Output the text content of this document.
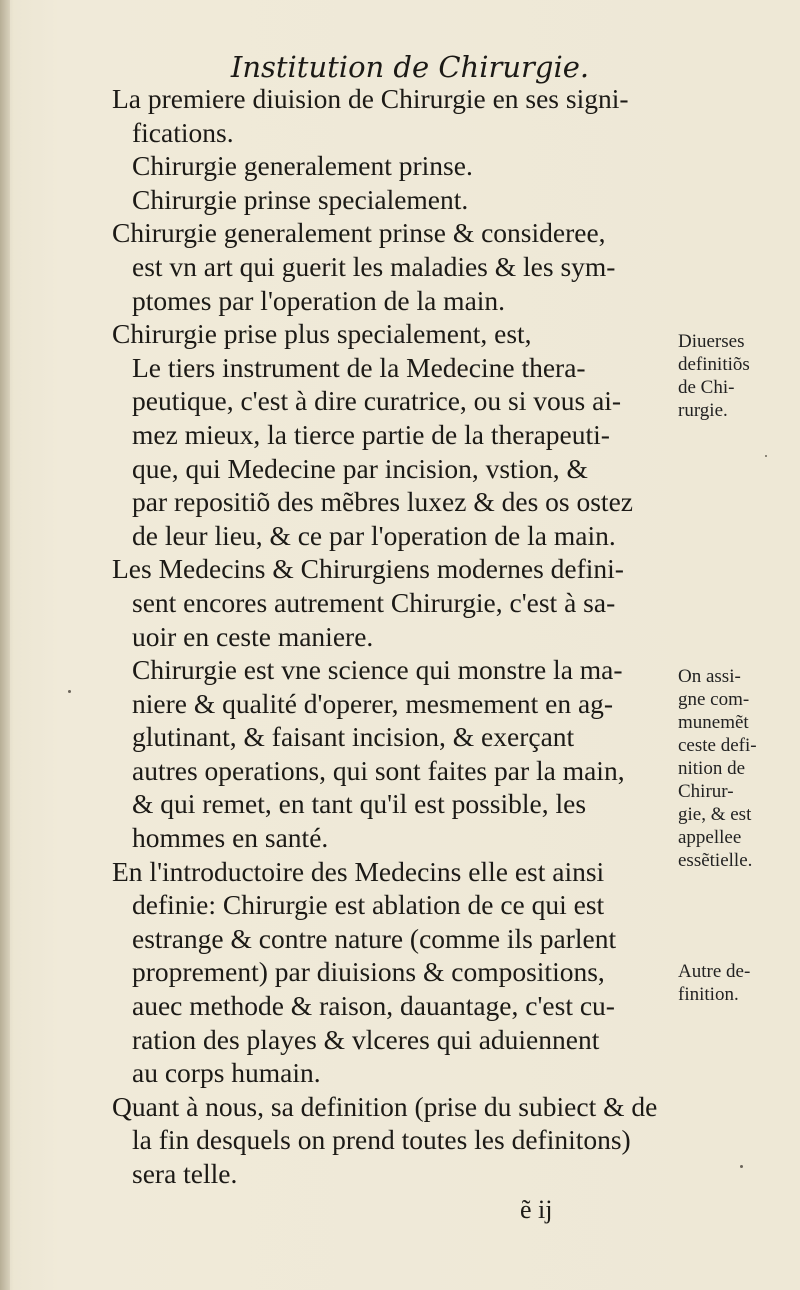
Institution de Chirurgie.
La premiere diuision de Chirurgie en ses signi-
fications.
Chirurgie generalement prinse.
Chirurgie prinse specialement.
Chirurgie generalement prinse & consideree,
est vn art qui guerit les maladies & les sym-
ptomes par l'operation de la main.
Chirurgie prise plus specialement, est,
Le tiers instrument de la Medecine thera-
peutique, c'est à dire curatrice, ou si vous ai-
mez mieux, la tierce partie de la therapeuti-
que, qui Medecine par incision, vstion, &
par repositiõ des mẽbres luxez & des os ostez
de leur lieu, & ce par l'operation de la main.
Les Medecins & Chirurgiens modernes defini-
sent encores autrement Chirurgie, c'est à sa-
uoir en ceste maniere.
Chirurgie est vne science qui monstre la ma-
niere & qualité d'operer, mesmement en ag-
glutinant, & faisant incision, & exerçant
autres operations, qui sont faites par la main,
& qui remet, en tant qu'il est possible, les
hommes en santé.
En l'introductoire des Medecins elle est ainsi
definie: Chirurgie est ablation de ce qui est
estrange & contre nature (comme ils parlent
proprement) par diuisions & compositions,
auec methode & raison, dauantage, c'est cu-
ration des playes & vlceres qui aduiennent
au corps humain.
Quant à nous, sa definition (prise du subiect & de
la fin desquels on prend toutes les definitons)
sera telle.
Diuerses
definitiõs
de Chi-
rurgie.
On assi-
gne com-
munemẽt
ceste defi-
nition de
Chirur-
gie, & est
appellee
essẽtielle.
Autre de-
finition.
ẽ ij
